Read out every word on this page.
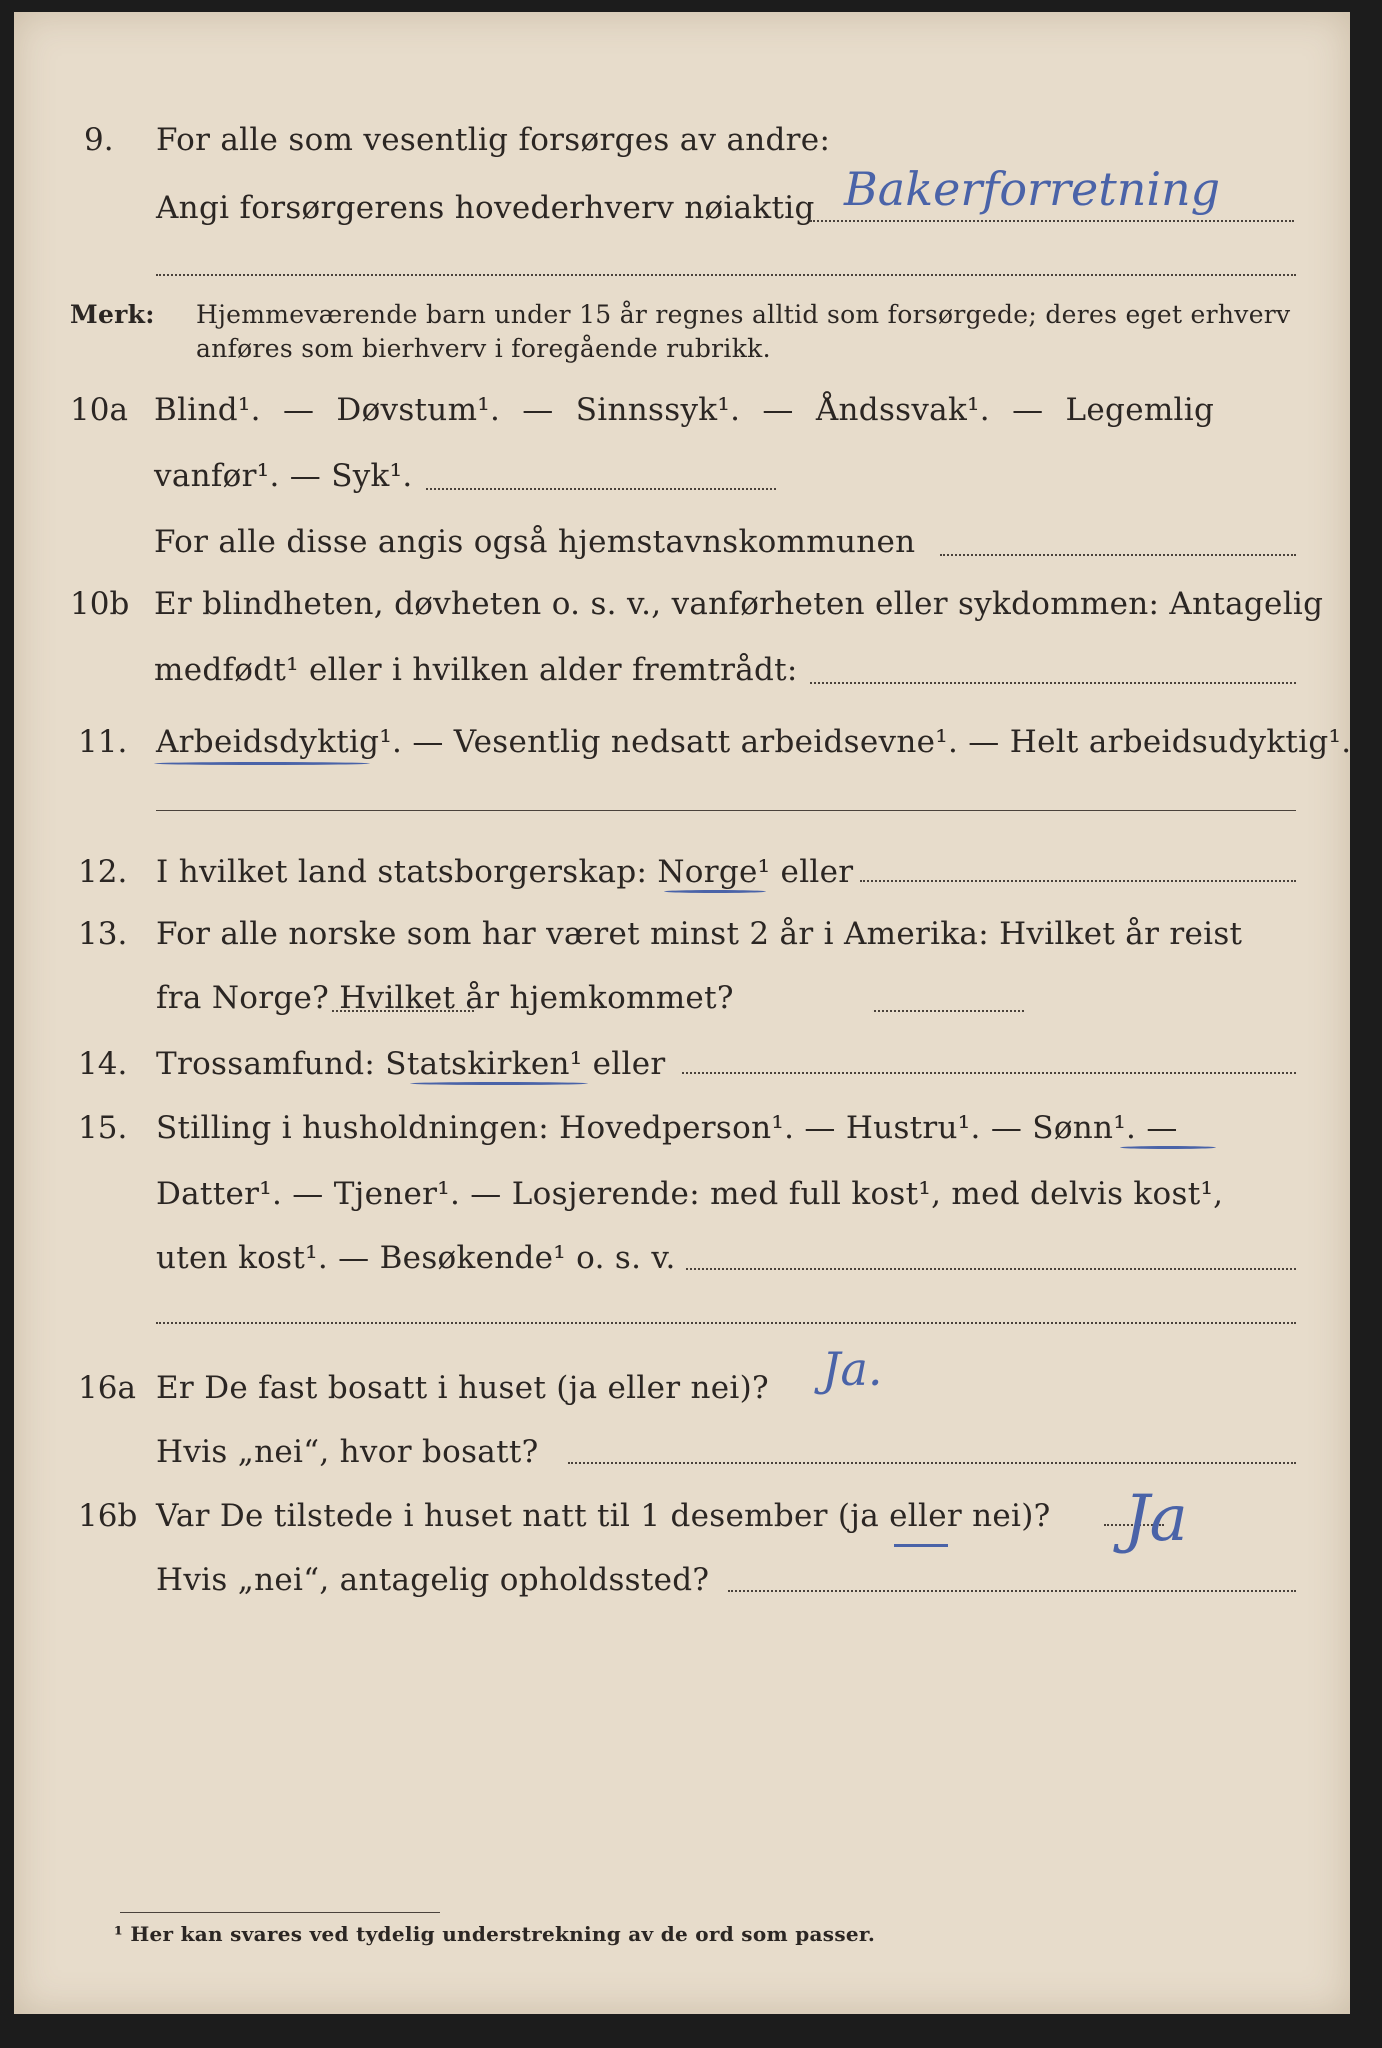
9. For alle som vesentlig forsørges av andre:
Angi forsørgerens hovederhverv nøiaktig Bakerforretning
Merk: Hjemmeværende barn under 15 år regnes alltid som forsørgede; deres eget erhverv
anføres som bierhverv i foregående rubrikk.
10a Blind¹. — Døvstum¹. — Sinnssyk¹. — Åndssvak¹. — Legemlig
vanfør¹. — Syk¹.
For alle disse angis også hjemstavnskommunen
10b Er blindheten, døvheten o. s. v., vanførheten eller sykdommen: Antagelig
medfødt¹ eller i hvilken alder fremtrådt:
11. Arbeidsdyktig¹. — Vesentlig nedsatt arbeidsevne¹. — Helt arbeidsudyktig¹.
12. I hvilket land statsborgerskap: Norge¹ eller
13. For alle norske som har været minst 2 år i Amerika: Hvilket år reist
fra Norge? Hvilket år hjemkommet?
14. Trossamfund: Statskirken¹ eller
15. Stilling i husholdningen: Hovedperson¹. — Hustru¹. — Sønn¹. —
Datter¹. — Tjener¹. — Losjerende: med full kost¹, med delvis kost¹,
uten kost¹. — Besøkende¹ o. s. v.
16a Er De fast bosatt i huset (ja eller nei)? Ja.
Hvis „nei“, hvor bosatt?
16b Var De tilstede i huset natt til 1 desember (ja eller nei)? Ja
Hvis „nei“, antagelig opholdssted?
¹ Her kan svares ved tydelig understrekning av de ord som passer.
